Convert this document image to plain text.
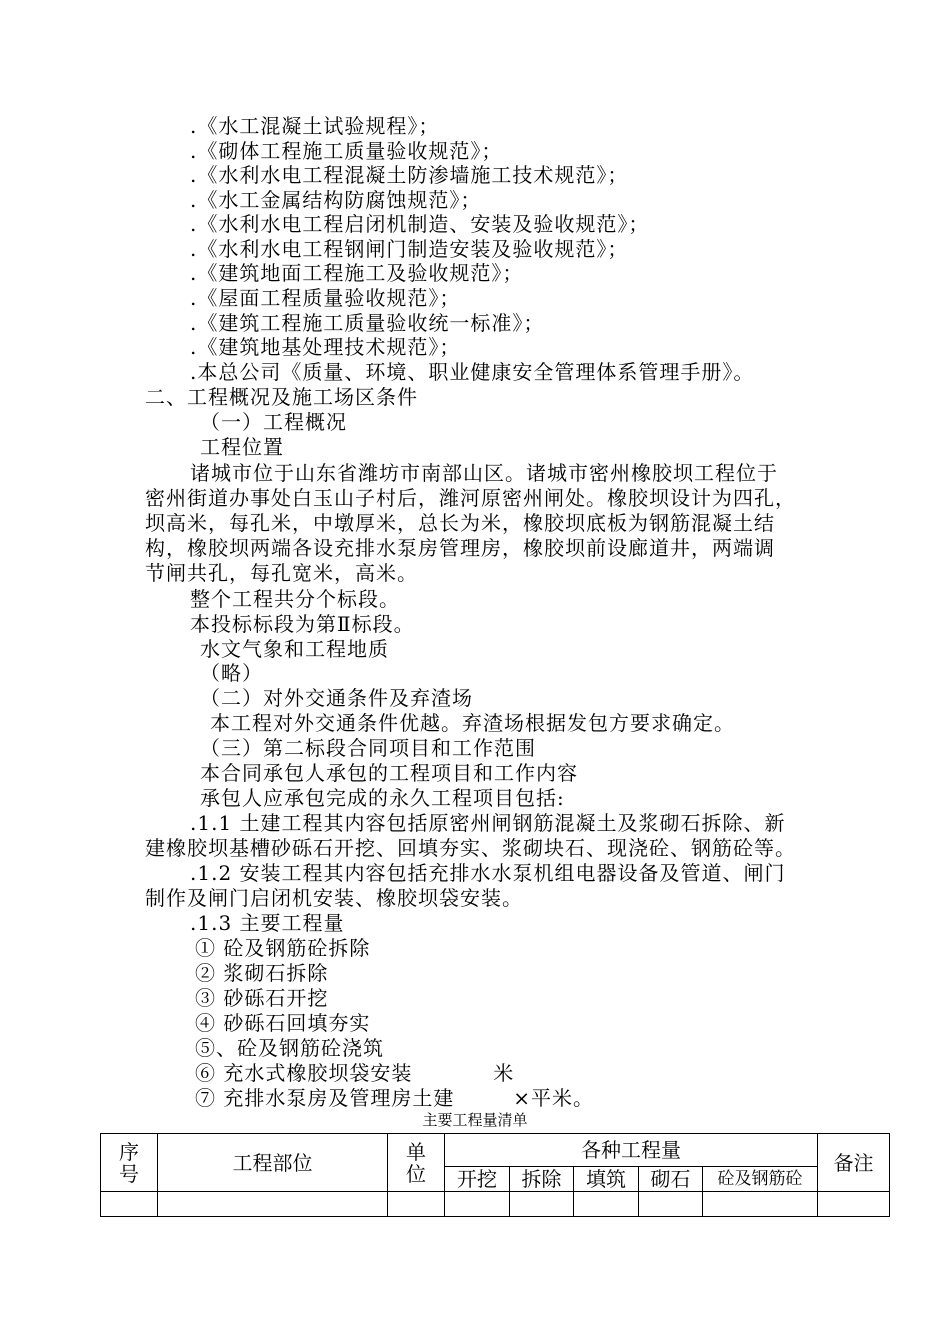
.《水工混凝土试验规程》；
.《砌体工程施工质量验收规范》；
.《水利水电工程混凝土防渗墙施工技术规范》；
.《水工金属结构防腐蚀规范》；
.《水利水电工程启闭机制造、安装及验收规范》；
.《水利水电工程钢闸门制造安装及验收规范》；
.《建筑地面工程施工及验收规范》；
.《屋面工程质量验收规范》；
.《建筑工程施工质量验收统一标准》；
.《建筑地基处理技术规范》；
.本总公司《质量、环境、职业健康安全管理体系管理手册》。
二、工程概况及施工场区条件
（一）工程概况
工程位置
诸城市位于山东省潍坊市南部山区。诸城市密州橡胶坝工程位于
密州街道办事处白玉山子村后，潍河原密州闸处。橡胶坝设计为四孔，
坝高米，每孔米，中墩厚米，总长为米，橡胶坝底板为钢筋混凝土结
构，橡胶坝两端各设充排水泵房管理房，橡胶坝前设廊道井，两端调
节闸共孔，每孔宽米，高米。
整个工程共分个标段。
本投标标段为第Ⅱ标段。
水文气象和工程地质
（略）
（二）对外交通条件及弃渣场
本工程对外交通条件优越。弃渣场根据发包方要求确定。
（三）第二标段合同项目和工作范围
本合同承包人承包的工程项目和工作内容
承包人应承包完成的永久工程项目包括:
.1.1 土建工程其内容包括原密州闸钢筋混凝土及浆砌石拆除、新
建橡胶坝基槽砂砾石开挖、回填夯实、浆砌块石、现浇砼、钢筋砼等。
.1.2 安装工程其内容包括充排水水泵机组电器设备及管道、闸门
制作及闸门启闭机安装、橡胶坝袋安装。
.1.3 主要工程量
① 砼及钢筋砼拆除
② 浆砌石拆除
③ 砂砾石开挖
④ 砂砾石回填夯实
⑤、砼及钢筋砼浇筑
⑥ 充水式橡胶坝袋安装           米
⑦ 充排水泵房及管理房土建        ×平米。
主要工程量清单
序号	工程部位	单位	各种工程量					备注
			开挖	拆除	填筑	砌石	砼及钢筋砼	
